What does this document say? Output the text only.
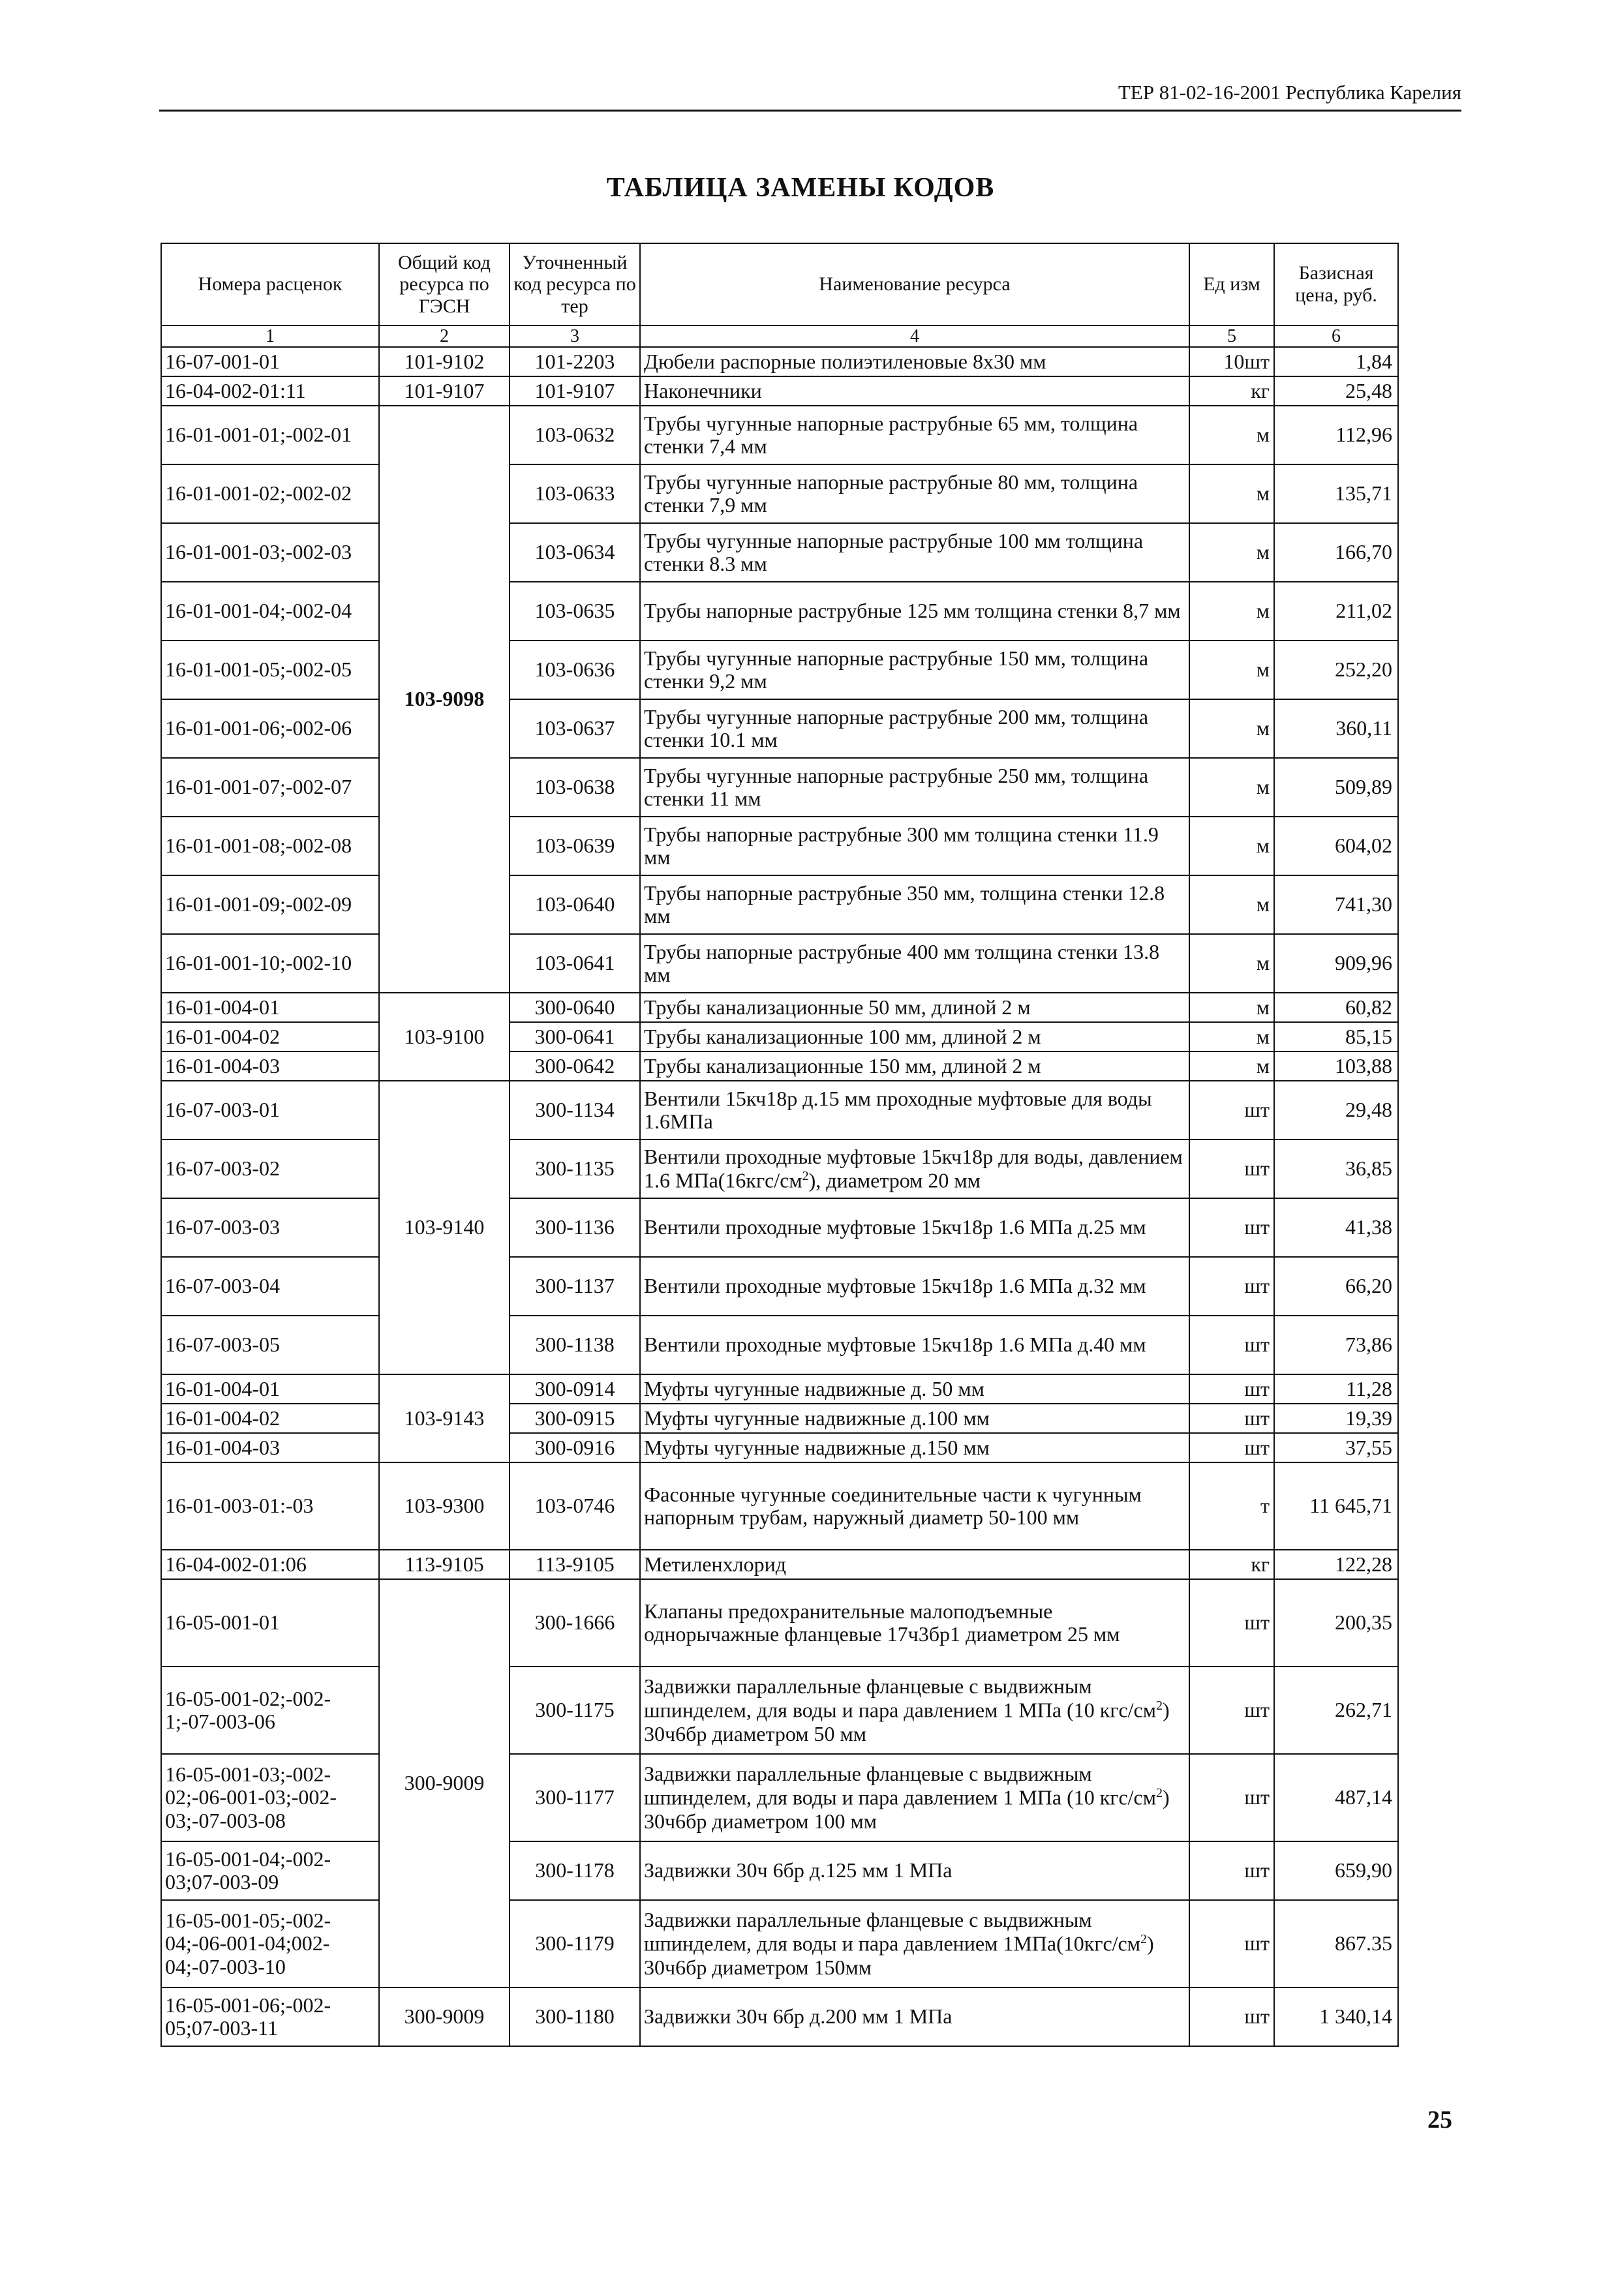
ТЕР 81-02-16-2001 Республика Карелия
ТАБЛИЦА ЗАМЕНЫ КОДОВ
Номера расценок	Общий код ресурса по ГЭСН	Уточненный код ресурса по тер	Наименование ресурса	Ед изм	Базисная цена, руб.
1	2	3	4	5	6
16-07-001-01	101-9102	101-2203	Дюбели распорные полиэтиленовые 8х30 мм	10шт	1,84
16-04-002-01:11	101-9107	101-9107	Наконечники	кг	25,48
16-01-001-01;-002-01	103-9098	103-0632	Трубы чугунные напорные раструбные 65 мм, толщина стенки 7,4 мм	м	112,96
16-01-001-02;-002-02		103-0633	Трубы чугунные напорные раструбные 80 мм, толщина стенки 7,9 мм	м	135,71
16-01-001-03;-002-03		103-0634	Трубы чугунные напорные раструбные 100 мм толщина стенки 8.3 мм	м	166,70
16-01-001-04;-002-04		103-0635	Трубы напорные раструбные 125 мм толщина стенки 8,7 мм	м	211,02
16-01-001-05;-002-05		103-0636	Трубы чугунные напорные раструбные 150 мм, толщина стенки 9,2 мм	м	252,20
16-01-001-06;-002-06		103-0637	Трубы чугунные напорные раструбные 200 мм, толщина стенки 10.1 мм	м	360,11
16-01-001-07;-002-07		103-0638	Трубы чугунные напорные раструбные 250 мм, толщина стенки 11 мм	м	509,89
16-01-001-08;-002-08		103-0639	Трубы напорные раструбные 300 мм толщина стенки 11.9 мм	м	604,02
16-01-001-09;-002-09		103-0640	Трубы напорные раструбные 350 мм, толщина стенки 12.8 мм	м	741,30
16-01-001-10;-002-10		103-0641	Трубы напорные раструбные 400 мм толщина стенки 13.8 мм	м	909,96
16-01-004-01	103-9100	300-0640	Трубы канализационные 50 мм, длиной 2 м	м	60,82
16-01-004-02		300-0641	Трубы канализационные 100 мм, длиной 2 м	м	85,15
16-01-004-03		300-0642	Трубы канализационные 150 мм, длиной 2 м	м	103,88
16-07-003-01	103-9140	300-1134	Вентили 15кч18р д.15 мм проходные муфтовые для воды 1.6МПа	шт	29,48
16-07-003-02		300-1135	Вентили проходные муфтовые 15кч18р для воды, давлением 1.6 $МПа(16кгс/см^2)$, диаметром 20 мм	шт	36,85
16-07-003-03		300-1136	Вентили проходные муфтовые 15кч18р 1.6 МПа д.25 мм	шт	41,38
16-07-003-04		300-1137	Вентили проходные муфтовые 15кч18р 1.6 МПа д.32 мм	шт	66,20
16-07-003-05		300-1138	Вентили проходные муфтовые 15кч18р 1.6 МПа д.40 мм	шт	73,86
16-01-004-01	103-9143	300-0914	Муфты чугунные надвижные д. 50 мм	шт	11,28
16-01-004-02		300-0915	Муфты чугунные надвижные д.100 мм	шт	19,39
16-01-004-03		300-0916	Муфты чугунные надвижные д.150 мм	шт	37,55
16-01-003-01:-03	103-9300	103-0746	Фасонные чугунные соединительные части к чугунным напорным трубам, наружный диаметр 50-100 мм	т	11 645,71
16-04-002-01:06	113-9105	113-9105	Метиленхлорид	кг	122,28
16-05-001-01	300-9009	300-1666	Клапаны предохранительные малоподъемные однорычажные фланцевые 17ч3бр1 диаметром 25 мм	шт	200,35
16-05-001-02;-002-1;-07-003-06		300-1175	Задвижки параллельные фланцевые с выдвижным шпинделем, для воды и пара давлением 1 МПа (10 кгс/$см^2$) 30ч6бр диаметром 50 мм	шт	262,71
16-05-001-03;-002-02;-06-001-03;-002-03;-07-003-08		300-1177	Задвижки параллельные фланцевые с выдвижным шпинделем, для воды и пара давлением 1 МПа (10 кгс/$см^2$) 30ч6бр диаметром 100 мм	шт	487,14
16-05-001-04;-002-03;07-003-09		300-1178	Задвижки 30ч 6бр д.125 мм 1 МПа	шт	659,90
16-05-001-05;-002-04;-06-001-04;002-04;-07-003-10		300-1179	Задвижки параллельные фланцевые с выдвижным шпинделем, для воды и пара давлением $1МПа(10кгс/см^2)$ 30ч6бр диаметром 150мм	шт	867.35
16-05-001-06;-002-05;07-003-11	300-9009	300-1180	Задвижки 30ч 6бр д.200 мм 1 МПа	шт	1 340,14
25
